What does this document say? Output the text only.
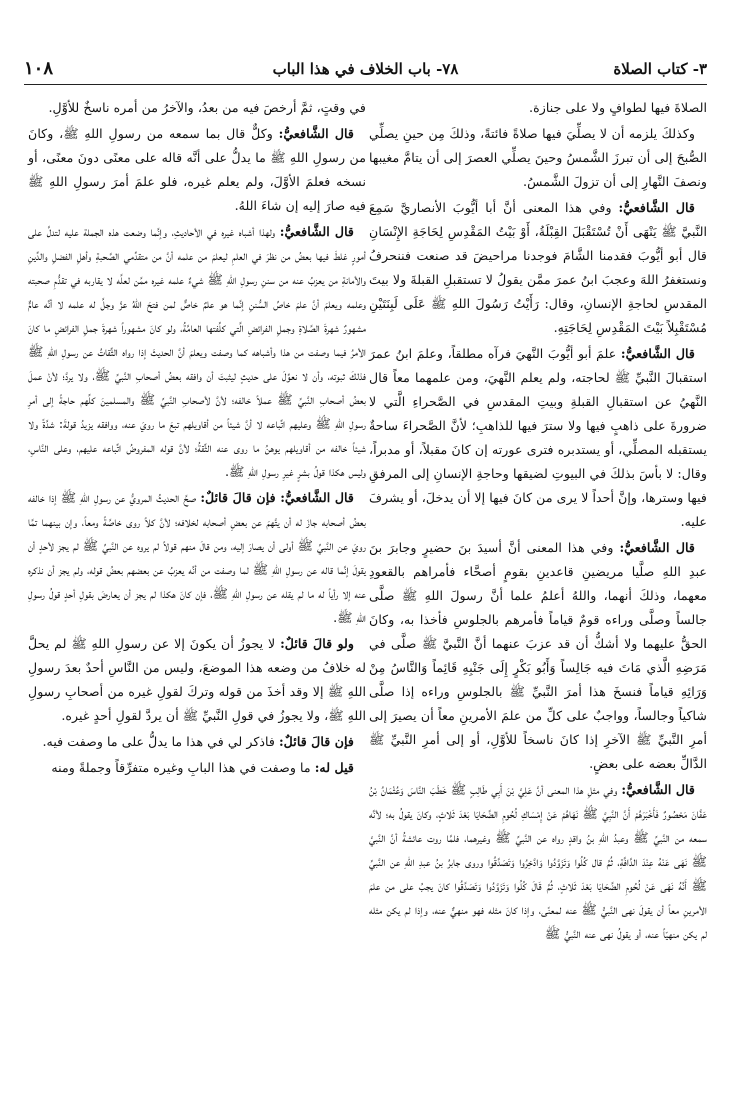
٣- كتاب الصلاة
٧٨- باب الخلاف في هذا الباب
١٠٨

الصلاةَ فيها لطوافٍ ولا على جنازة.

وكذلكَ يلزمه أن لا يصلِّيَ فيها صلاةً فائتةً، وذلكَ مِن حينِ يصلِّي الصُّبحَ إلى أن تبرزَ الشَّمسُ وحينَ يصلِّي العصرَ إلى أن يتامَّ مغيبها ونصفَ النَّهارِ إلى أن تزولَ الشَّمسُ.

قال الشَّافعيُّ: وفي هذا المعنى أنَّ أبا أيُّوبَ الأنصاريَّ سَمِعَ النَّبيَّ ﷺ يَنْهَى أَنْ تُسْتَقْبَلَ القِبْلَةُ، أَوْ بَيْتُ المَقْدِسِ لِحَاجَةِ الإِنْسَانِ قال أبو أيُّوبَ فقدمنا الشَّامَ فوجدنا مراحيضَ قد صنعت فننحرفُ ونستغفرُ اللهَ وعجبَ ابنُ عمرَ ممَّن يقولُ لا تستقبلِ القبلةَ ولا بيتَ المقدسِ لحاجةِ الإنسانِ، وقال: رَأَيْتُ رَسُولَ اللهِ ﷺ عَلَى لَبِنَتَيْنِ مُسْتَقْبِلاً بَيْتَ المَقْدِسِ لِحَاجَتِهِ.

قال الشَّافعيُّ: علمَ أبو أيُّوبَ النَّهيَ فرآه مطلقاً، وعلمَ ابنُ عمرَ استقبالَ النَّبيِّ ﷺ لحاجته، ولم يعلم النَّهيَ، ومن علمهما معاً قال النَّهيُ عن استقبالِ القبلةِ وبيتِ المقدسِ في الصَّحراءِ الَّتي لا ضرورةَ على ذاهبٍ فيها ولا سترَ فيها للذاهبِ؛ لأنَّ الصَّحراءَ ساحةٌ يستقبله المصلِّي، أو يستدبره فترى عورته إن كانَ مقبلاً، أو مدبراً، وقال: لا بأسَ بذلكَ في البيوتِ لضيقها وحاجةِ الإنسانِ إلى المرفقِ فيها وسترها، وإنَّ أحداً لا يرى من كانَ فيها إلا أن يدخلَ، أو يشرفَ عليه.

قال الشَّافعيُّ: وفي هذا المعنى أنَّ أسيدَ بنَ حضيرٍ وجابرَ بنَ عبدِ اللهِ صلَّيا مريضينِ قاعدينِ بقومٍ أصحَّاء فأمراهم بالقعودِ معهما، وذلكَ أنهما، واللهُ أعلمُ علما أنَّ رسولَ اللهِ ﷺ صلَّى جالساً وصلَّى وراءه قومٌ قياماً فأمرهم بالجلوسِ فأخذا به، وكانَ الحقُّ عليهما ولا أشكُّ أن قد عزبَ عنهما أنَّ النَّبيَّ ﷺ صلَّى في مَرَضِهِ الَّذي مَاتَ فيه جَالِساً وَأَبُو بَكْرٍ إِلَى جَنْبِهِ قَائِماً وَالنَّاسُ مِنْ وَرَائِهِ قياماً فنسخَ هذا أمرَ النَّبيِّ ﷺ بالجلوسِ وراءه إذا صلَّى شاكياً وجالساً، وواجبٌ على كلِّ من علمَ الأمرينِ معاً أن يصيرَ إلى أمرِ النَّبيِّ ﷺ الآخرِ إذا كانَ ناسخاً للأوَّلِ، أو إلى أمرِ النَّبيِّ ﷺ الدَّالِّ بعضه على بعضٍ.

قال الشَّافعيُّ: وفي مثلِ هذا المعنى أنَّ عَلِيَّ بْنَ أَبِي طَالِبٍ ﷺ خَطَبَ النَّاسَ وَعُثْمَانُ بْنُ عَفَّانَ مَحْصُورٌ فَأَخْبَرَهُمْ أَنَّ النَّبِيَّ ﷺ نَهَاهُمْ عَنْ إِمْسَاكِ لُحُومِ الضَّحَايَا بَعْدَ ثَلاثٍ، وكانَ يقولُ به؛ لأنَّه سمعه من النَّبيِّ ﷺ وعبدُ اللهِ بنُ واقدٍ رواه عن النَّبيِّ ﷺ وغيرهما، فلمَّا روت عائشةُ أنَّ النَّبيَّ ﷺ نَهَى عَنْهُ عِنْدَ الدَّافَّةِ، ثُمَّ قال كُلُوا وَتَزَوَّدُوا وَادَّخِرُوا وَتَصَدَّقُوا وروى جابرُ بنُ عبدِ اللهِ عن النَّبيِّ ﷺ أَنَّهُ نَهَى عَنْ لُحُومِ الضَّحَايَا بَعْدَ ثَلاثٍ، ثُمَّ قَالَ كُلُوا وَتَزَوَّدُوا وَتَصَدَّقُوا كانَ يجبُ على من علمَ الأمرينِ معاً أن يقولَ نهى النَّبيُّ ﷺ عنه لمعنًى، وإذا كانَ مثله فهو منهيٌّ عنه، وإذا لم يكن مثله لم يكن منهيّاً عنه، أو يقولُ نهى عنه النَّبيُّ ﷺ

في وقتٍ، ثمَّ أرخصَ فيه من بعدُ، والآخرُ من أمره ناسخٌ للأوَّلِ.

قال الشَّافعيُّ: وكلٌّ قال بما سمعه من رسولِ اللهِ ﷺ، وكانَ من رسولِ اللهِ ﷺ ما يدلُّ على أنَّه قاله على معنًى دونَ معنًى، أو نسخه فعلمَ الأوَّلَ، ولم يعلم غيره، فلو علمَ أمرَ رسولِ اللهِ ﷺ فيه صارَ إليه إن شاءَ اللهُ.

قال الشَّافعيُّ: ولهذا أشباه غيره في الأحاديثِ، وإنَّما وضعت هذه الجملة عليه لتدلَّ على أمورٍ غلطَ فيها بعضُ من نظرَ في العلمِ ليعلمَ من علمه أنَّ من متقدِّمي الصَّحبةِ وأهلِ الفضلِ والدِّينِ والأمانةِ من يعزبُ عنه من سننِ رسولِ اللهِ ﷺ شيءٌ علمه غيره ممَّن لعلَّه لا يقاربه في تقدُّمِ صحبته وعلمه ويعلمَ أنَّ علمَ خاصِّ السُّننِ إنَّما هو علمٌ خاصٌّ لمن فتحَ اللهُ عزَّ وجلَّ له علمه لا أنَّه عامٌّ مشهورٌ شهرةَ الصَّلاةِ وجملِ الفرائضِ الَّتي كلِّفتها العامَّةُ، ولو كانَ مشهوراً شهرةَ جملِ الفرائضِ ما كانَ الأمرُ فيما وصفت من هذا وأشباهه كما وصفت ويعلمَ أنَّ الحديثَ إذا رواه الثِّقاتُ عن رسولِ اللهِ ﷺ فذلكَ ثبوته، وأن لا نعوِّلَ على حديثٍ ليثبتَ أن وافقه بعضُ أصحابِ النَّبيِّ ﷺ، ولا يردَّ؛ لأنْ عملَ بعضُ أصحابِ النَّبيِّ ﷺ عملاً خالفه؛ لأنَّ لأصحابِ النَّبيِّ ﷺ والمسلمينَ كلِّهم حاجةً إلى أمرِ رسولِ اللهِ ﷺ وعليهم اتِّباعه لا أنَّ شيئاً من أقاويلهم تبعَ ما رويَ عنه، ووافقه يزيدُ قولةَ: شدَّةً ولا شيئاً خالفه من أقاويلهم يوهنُ ما روى عنه الثِّقةُ؛ لأنَّ قوله المفروضُ اتِّباعه عليهم، وعلى النَّاسِ، وليس هكذا قولُ بشرٍ غيرِ رسولِ اللهِ ﷺ.

قال الشَّافعيُّ: فإن قالَ قائلٌ: صحَّ الحديثُ المرويُّ عن رسولِ اللهِ ﷺ إذا خالفه بعضُ أصحابه جازَ له أن يتَّهمَ عن بعضِ أصحابه لخلافه؛ لأنَّ كلاً روى خاصَّةً ومعاً، وإن بينهما تمَّا رويَ عن النَّبيِّ ﷺ أولى أن يصارَ إليه، ومن قالَ منهم قولاً لم يروه عن النَّبيِّ ﷺ لم يجز لأحدٍ أن يقولَ إنَّما قاله عن رسولِ اللهِ ﷺ لما وصفت من أنَّه يعزبُ عن بعضهم بعضُ قوله، ولم يجز أن نذكره عنه إلا رأياً له ما لم يقله عن رسولِ اللهِ ﷺ، فإن كانَ هكذا لم يجز أن يعارضَ بقولِ أحدٍ قولُ رسولِ اللهِ ﷺ.

ولو قالَ قائلٌ: لا يجوزُ أن يكونَ إلا عن رسولِ اللهِ ﷺ لم يحلَّ له خلافُ من وضعه هذا الموضعَ، وليس من النَّاسِ أحدٌ بعدَ رسولِ اللهِ ﷺ إلا وقد أخذَ من قوله وتركَ لقولِ غيره من أصحابِ رسولِ اللهِ ﷺ، ولا يجوزُ في قولِ النَّبيِّ ﷺ أن يردَّ لقولِ أحدٍ غيره.

فإن قالَ قائلٌ: فاذكر لي في هذا ما يدلُّ على ما وصفت فيه.

قيل له: ما وصفت في هذا البابِ وغيره متفرِّقاً وجملةً ومنه
